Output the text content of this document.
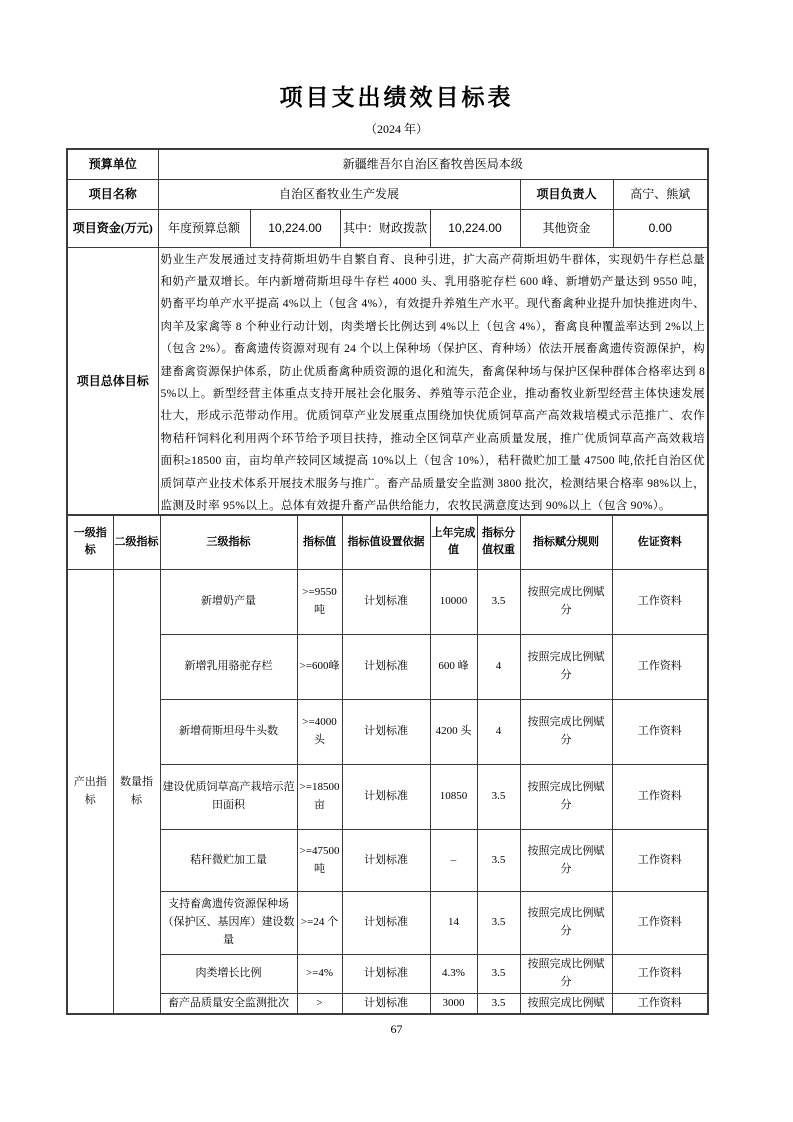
项目支出绩效目标表
（2024 年）
预算单位	新疆维吾尔自治区畜牧兽医局本级					
项目名称	自治区畜牧业生产发展				项目负责人	高宁、熊斌
项目资金(万元)	年度预算总额	10,224.00	其中：财政拨款	10,224.00	其他资金	0.00
项目总体目标	奶业生产发展通过支持荷斯坦奶牛自繁自育、良种引进，扩大高产荷斯坦奶牛群体，实现奶牛存栏总量和奶产量双增长。年内新增荷斯坦母牛存栏 4000 头、乳用骆驼存栏 600 峰、新增奶产量达到 9550 吨，奶畜平均单产水平提高 4%以上（包含 4%），有效提升养殖生产水平。现代畜禽种业提升加快推进肉牛、肉羊及家禽等 8 个种业行动计划，肉类增长比例达到 4%以上（包含 4%），畜禽良种覆盖率达到 2%以上（包含 2%）。畜禽遗传资源对现有 24 个以上保种场（保护区、育种场）依法开展畜禽遗传资源保护，构建畜禽资源保护体系，防止优质畜禽种质资源的退化和流失，畜禽保种场与保护区保种群体合格率达到 85%以上。新型经营主体重点支持开展社会化服务、养殖等示范企业，推动畜牧业新型经营主体快速发展壮大，形成示范带动作用。优质饲草产业发展重点围绕加快优质饲草高产高效栽培模式示范推广、农作物秸秆饲料化利用两个环节给予项目扶持，推动全区饲草产业高质量发展，推广优质饲草高产高效栽培面积≥18500 亩，亩均单产较同区域提高 10%以上（包含 10%），秸秆微贮加工量 47500 吨,依托自治区优质饲草产业技术体系开展技术服务与推广。畜产品质量安全监测 3800 批次，检测结果合格率 98%以上，监测及时率 95%以上。总体有效提升畜产品供给能力，农牧民满意度达到 90%以上（包含 90%）。					
一级指标	二级指标	三级指标	指标值	指标值设置依据	上年完成值	指标分值权重	指标赋分规则	佐证资料
产出指标	数量指标	新增奶产量	>=9550吨	计划标准	10000	3.5	按照完成比例赋分	工作资料
		新增乳用骆驼存栏	>=600峰	计划标准	600 峰	4	按照完成比例赋分	工作资料
		新增荷斯坦母牛头数	>=4000头	计划标准	4200 头	4	按照完成比例赋分	工作资料
		建设优质饲草高产栽培示范田面积	>=18500亩	计划标准	10850	3.5	按照完成比例赋分	工作资料
		秸秆微贮加工量	>=47500吨	计划标准	–	3.5	按照完成比例赋分	工作资料
		支持畜禽遗传资源保种场（保护区、基因库）建设数量	>=24 个	计划标准	14	3.5	按照完成比例赋分	工作资料
		肉类增长比例	>=4%	计划标准	4.3%	3.5	按照完成比例赋分	工作资料
		畜产品质量安全监测批次	>	计划标准	3000	3.5	按照完成比例赋	工作资料
67
